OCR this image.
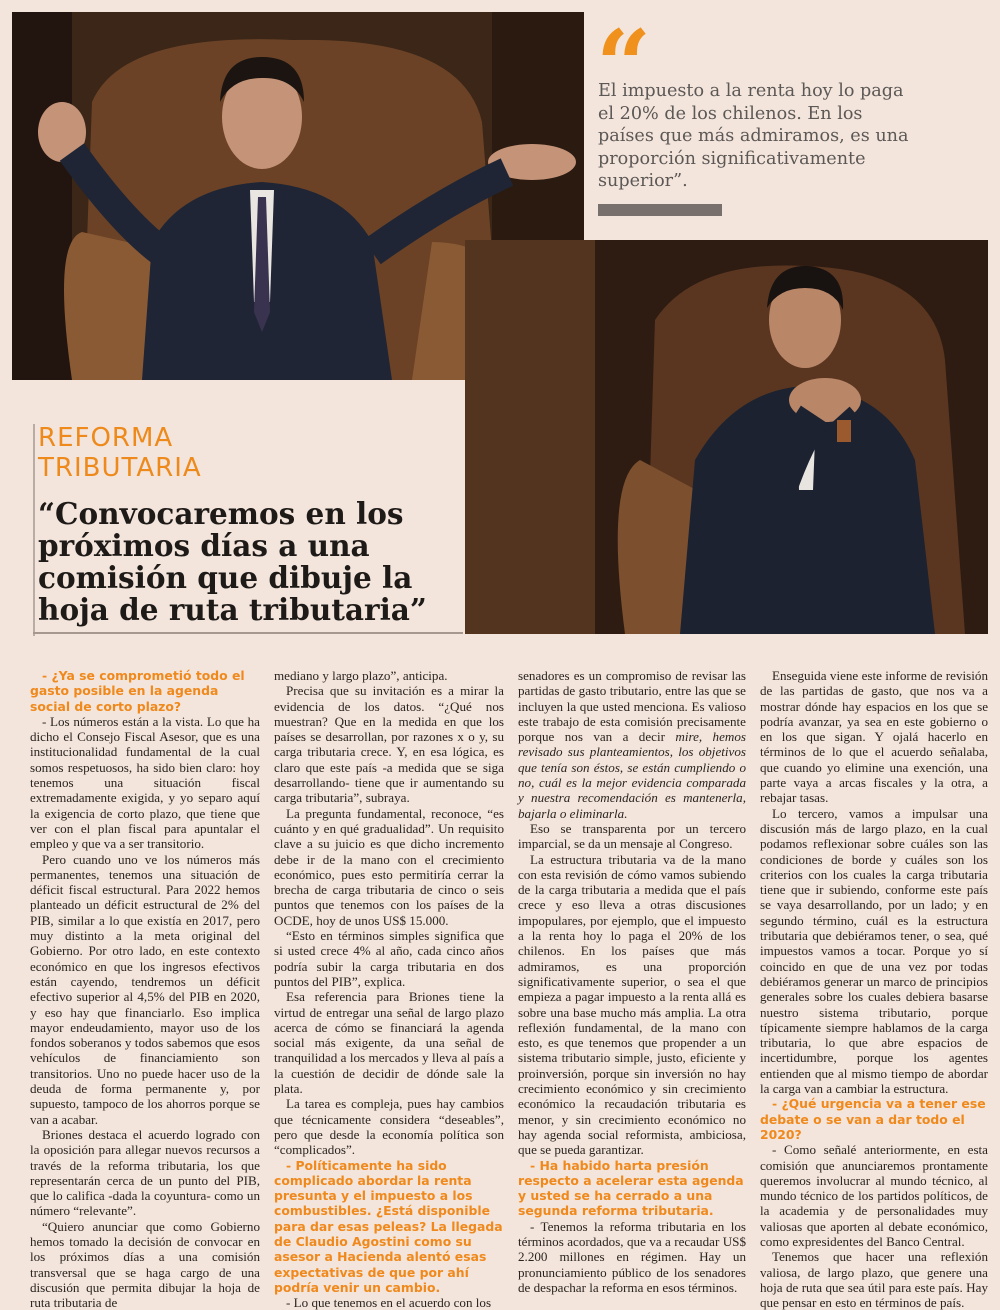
“
El impuesto a la renta hoy lo paga el 20% de los chilenos. En los países que más admiramos, es una proporción significativamente superior”.
REFORMA
TRIBUTARIA
“Convocaremos en los próximos días a una comisión que dibuje la hoja de ruta tributaria”

- ¿Ya se comprometió todo el gasto posible en la agenda social de corto plazo?

- Los números están a la vista. Lo que ha dicho el Consejo Fiscal Asesor, que es una institucionalidad fundamental de la cual somos respetuosos, ha sido bien claro: hoy tenemos una situación fiscal extremadamente exigida, y yo separo aquí la exigencia de corto plazo, que tiene que ver con el plan fiscal para apuntalar el empleo y que va a ser transitorio.

Pero cuando uno ve los números más permanentes, tenemos una situación de déficit fiscal estructural. Para 2022 hemos planteado un déficit estructural de 2% del PIB, similar a lo que existía en 2017, pero muy distinto a la meta original del Gobierno. Por otro lado, en este contexto económico en que los ingresos efectivos están cayendo, tendremos un déficit efectivo superior al 4,5% del PIB en 2020, y eso hay que financiarlo. Eso implica mayor endeudamiento, mayor uso de los fondos soberanos y todos sabemos que esos vehículos de financiamiento son transitorios. Uno no puede hacer uso de la deuda de forma permanente y, por supuesto, tampoco de los ahorros porque se van a acabar.

Briones destaca el acuerdo logrado con la oposición para allegar nuevos recursos a través de la reforma tributaria, los que representarán cerca de un punto del PIB, que lo califica -dada la coyuntura- como un número “relevante”.

“Quiero anunciar que como Gobierno hemos tomado la decisión de convocar en los próximos días a una comisión transversal que se haga cargo de una discusión que permita dibujar la hoja de ruta tributaria de

mediano y largo plazo”, anticipa.

Precisa que su invitación es a mirar la evidencia de los datos. “¿Qué nos muestran? Que en la medida en que los países se desarrollan, por razones x o y, su carga tributaria crece. Y, en esa lógica, es claro que este país -a medida que se siga desarrollando- tiene que ir aumentando su carga tributaria”, subraya.

La pregunta fundamental, reconoce, “es cuánto y en qué gradualidad”. Un requisito clave a su juicio es que dicho incremento debe ir de la mano con el crecimiento económico, pues esto permitiría cerrar la brecha de carga tributaria de cinco o seis puntos que tenemos con los países de la OCDE, hoy de unos US$ 15.000.

“Esto en términos simples significa que si usted crece 4% al año, cada cinco años podría subir la carga tributaria en dos puntos del PIB”, explica.

Esa referencia para Briones tiene la virtud de entregar una señal de largo plazo acerca de cómo se financiará la agenda social más exigente, da una señal de tranquilidad a los mercados y lleva al país a la cuestión de decidir de dónde sale la plata.

La tarea es compleja, pues hay cambios que técnicamente considera “deseables”, pero que desde la economía política son “complicados”.

- Políticamente ha sido complicado abordar la renta presunta y el impuesto a los combustibles. ¿Está disponible para dar esas peleas? La llegada de Claudio Agostini como su asesor a Hacienda alentó esas expectativas de que por ahí podría venir un cambio.

- Lo que tenemos en el acuerdo con los

senadores es un compromiso de revisar las partidas de gasto tributario, entre las que se incluyen la que usted menciona. Es valioso este trabajo de esta comisión precisamente porque nos van a decir mire, hemos revisado sus planteamientos, los objetivos que tenía son éstos, se están cumpliendo o no, cuál es la mejor evidencia comparada y nuestra recomendación es mantenerla, bajarla o eliminarla.

Eso se transparenta por un tercero imparcial, se da un mensaje al Congreso.

La estructura tributaria va de la mano con esta revisión de cómo vamos subiendo de la carga tributaria a medida que el país crece y eso lleva a otras discusiones impopulares, por ejemplo, que el impuesto a la renta hoy lo paga el 20% de los chilenos. En los países que más admiramos, es una proporción significativamente superior, o sea el que empieza a pagar impuesto a la renta allá es sobre una base mucho más amplia. La otra reflexión fundamental, de la mano con esto, es que tenemos que propender a un sistema tributario simple, justo, eficiente y proinversión, porque sin inversión no hay crecimiento económico y sin crecimiento económico la recaudación tributaria es menor, y sin crecimiento económico no hay agenda social reformista, ambiciosa, que se pueda garantizar.

- Ha habido harta presión respecto a acelerar esta agenda y usted se ha cerrado a una segunda reforma tributaria.

- Tenemos la reforma tributaria en los términos acordados, que va a recaudar US$ 2.200 millones en régimen. Hay un pronunciamiento público de los senadores de despachar la reforma en esos términos.

Enseguida viene este informe de revisión de las partidas de gasto, que nos va a mostrar dónde hay espacios en los que se podría avanzar, ya sea en este gobierno o en los que sigan. Y ojalá hacerlo en términos de lo que el acuerdo señalaba, que cuando yo elimine una exención, una parte vaya a arcas fiscales y la otra, a rebajar tasas.

Lo tercero, vamos a impulsar una discusión más de largo plazo, en la cual podamos reflexionar sobre cuáles son las condiciones de borde y cuáles son los criterios con los cuales la carga tributaria tiene que ir subiendo, conforme este país se vaya desarrollando, por un lado; y en segundo término, cuál es la estructura tributaria que debiéramos tener, o sea, qué impuestos vamos a tocar. Porque yo sí coincido en que de una vez por todas debiéramos generar un marco de principios generales sobre los cuales debiera basarse nuestro sistema tributario, porque típicamente siempre hablamos de la carga tributaria, lo que abre espacios de incertidumbre, porque los agentes entienden que al mismo tiempo de abordar la carga van a cambiar la estructura.

- ¿Qué urgencia va a tener ese debate o se van a dar todo el 2020?

- Como señalé anteriormente, en esta comisión que anunciaremos prontamente queremos involucrar al mundo técnico, al mundo técnico de los partidos políticos, de la academia y de personalidades muy valiosas que aporten al debate económico, como expresidentes del Banco Central.

Tenemos que hacer una reflexión valiosa, de largo plazo, que genere una hoja de ruta que sea útil para este país. Hay que pensar en esto en términos de país.
